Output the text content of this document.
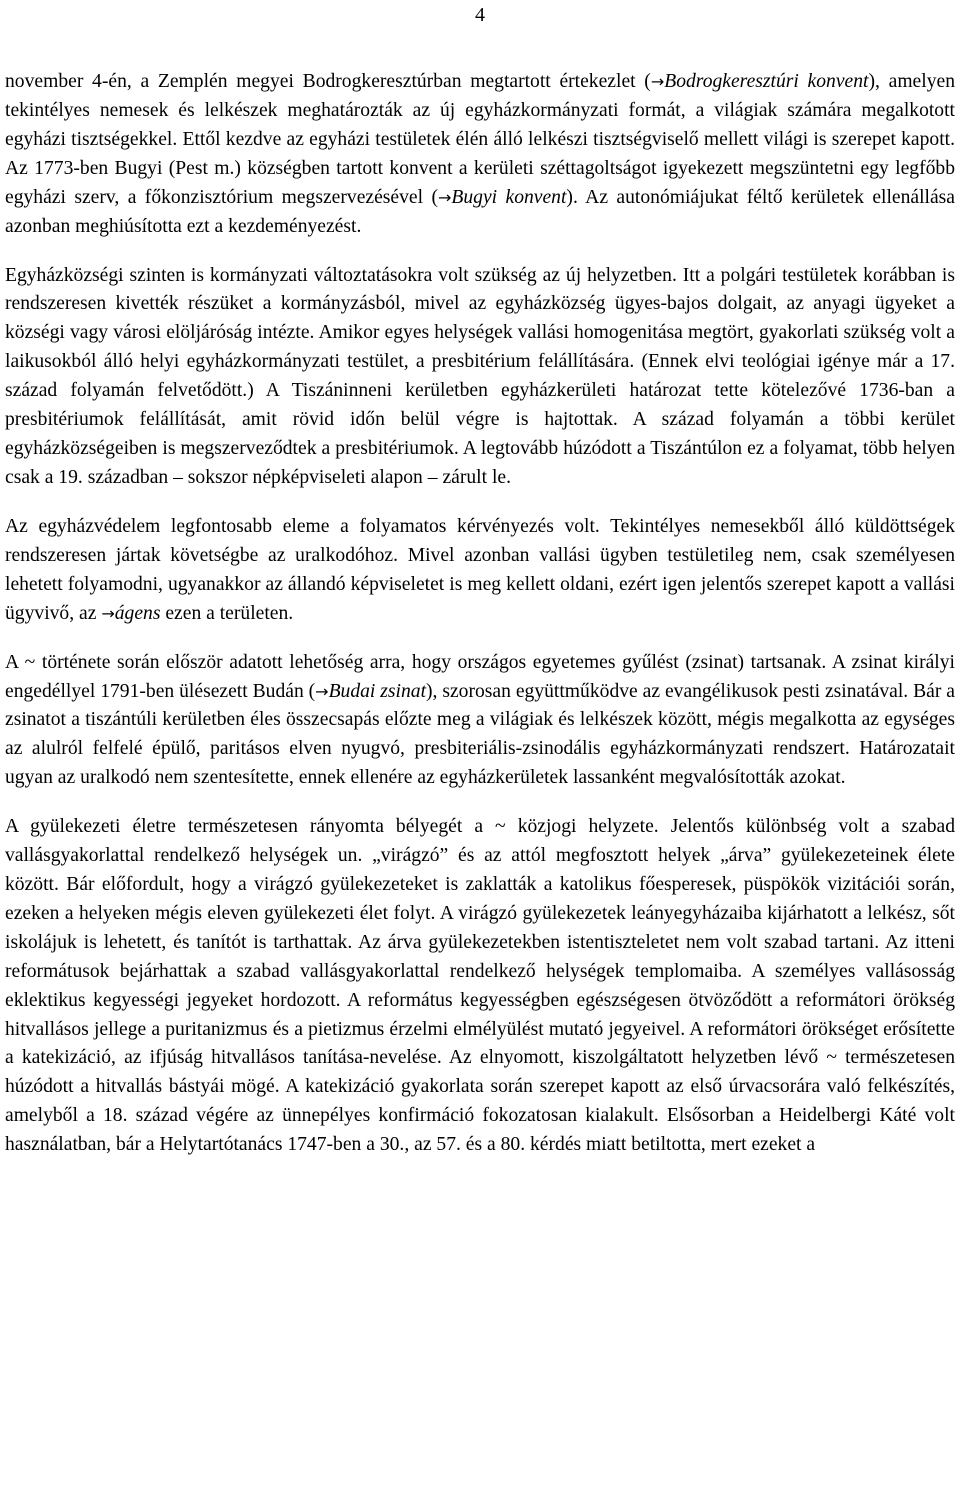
4

november 4-én, a Zemplén megyei Bodrogkeresztúrban megtartott értekezlet (→Bodrogkeresztúri konvent), amelyen tekintélyes nemesek és lelkészek meghatározták az új egyházkormányzati formát, a világiak számára megalkotott egyházi tisztségekkel. Ettől kezdve az egyházi testületek élén álló lelkészi tisztségviselő mellett világi is szerepet kapott. Az 1773-ben Bugyi (Pest m.) községben tartott konvent a kerületi széttagoltságot igyekezett megszüntetni egy legfőbb egyházi szerv, a főkonzisztórium megszervezésével (→Bugyi konvent). Az autonómiájukat féltő kerületek ellenállása azonban meghiúsította ezt a kezdeményezést.

Egyházközségi szinten is kormányzati változtatásokra volt szükség az új helyzetben. Itt a polgári testületek korábban is rendszeresen kivették részüket a kormányzásból, mivel az egyházközség ügyes-bajos dolgait, az anyagi ügyeket a községi vagy városi elöljáróság intézte. Amikor egyes helységek vallási homogenitása megtört, gyakorlati szükség volt a laikusokból álló helyi egyházkormányzati testület, a presbitérium felállítására. (Ennek elvi teológiai igénye már a 17. század folyamán felvetődött.) A Tiszáninneni kerületben egyházkerületi határozat tette kötelezővé 1736-ban a presbitériumok felállítását, amit rövid időn belül végre is hajtottak. A század folyamán a többi kerület egyházközségeiben is megszerveződtek a presbitériumok. A legtovább húzódott a Tiszántúlon ez a folyamat, több helyen csak a 19. században – sokszor népképviseleti alapon – zárult le.

Az egyházvédelem legfontosabb eleme a folyamatos kérvényezés volt. Tekintélyes nemesekből álló küldöttségek rendszeresen jártak követségbe az uralkodóhoz. Mivel azonban vallási ügyben testületileg nem, csak személyesen lehetett folyamodni, ugyanakkor az állandó képviseletet is meg kellett oldani, ezért igen jelentős szerepet kapott a vallási ügyvivő, az →ágens ezen a területen.

A ~ története során először adatott lehetőség arra, hogy országos egyetemes gyűlést (zsinat) tartsanak. A zsinat királyi engedéllyel 1791-ben ülésezett Budán (→Budai zsinat), szorosan együttműködve az evangélikusok pesti zsinatával. Bár a zsinatot a tiszántúli kerületben éles összecsapás előzte meg a világiak és lelkészek között, mégis megalkotta az egységes az alulról felfelé épülő, paritásos elven nyugvó, presbiteriális-zsinodális egyházkormányzati rendszert. Határozatait ugyan az uralkodó nem szentesítette, ennek ellenére az egyházkerületek lassanként megvalósították azokat.

A gyülekezeti életre természetesen rányomta bélyegét a ~ közjogi helyzete. Jelentős különbség volt a szabad vallásgyakorlattal rendelkező helységek un. „virágzó” és az attól megfosztott helyek „árva” gyülekezeteinek élete között. Bár előfordult, hogy a virágzó gyülekezeteket is zaklatták a katolikus főesperesek, püspökök vizitációi során, ezeken a helyeken mégis eleven gyülekezeti élet folyt. A virágzó gyülekezetek leányegyházaiba kijárhatott a lelkész, sőt iskolájuk is lehetett, és tanítót is tarthattak. Az árva gyülekezetekben istentiszteletet nem volt szabad tartani. Az itteni reformátusok bejárhattak a szabad vallásgyakorlattal rendelkező helységek templomaiba. A személyes vallásosság eklektikus kegyességi jegyeket hordozott. A református kegyességben egészségesen ötvöződött a reformátori örökség hitvallásos jellege a puritanizmus és a pietizmus érzelmi elmélyülést mutató jegyeivel. A reformátori örökséget erősítette a katekizáció, az ifjúság hitvallásos tanítása-nevelése. Az elnyomott, kiszolgáltatott helyzetben lévő ~ természetesen húzódott a hitvallás bástyái mögé. A katekizáció gyakorlata során szerepet kapott az első úrvacsorára való felkészítés, amelyből a 18. század végére az ünnepélyes konfirmáció fokozatosan kialakult. Elsősorban a Heidelbergi Káté volt használatban, bár a Helytartótanács 1747-ben a 30., az 57. és a 80. kérdés miatt betiltotta, mert ezeket a
